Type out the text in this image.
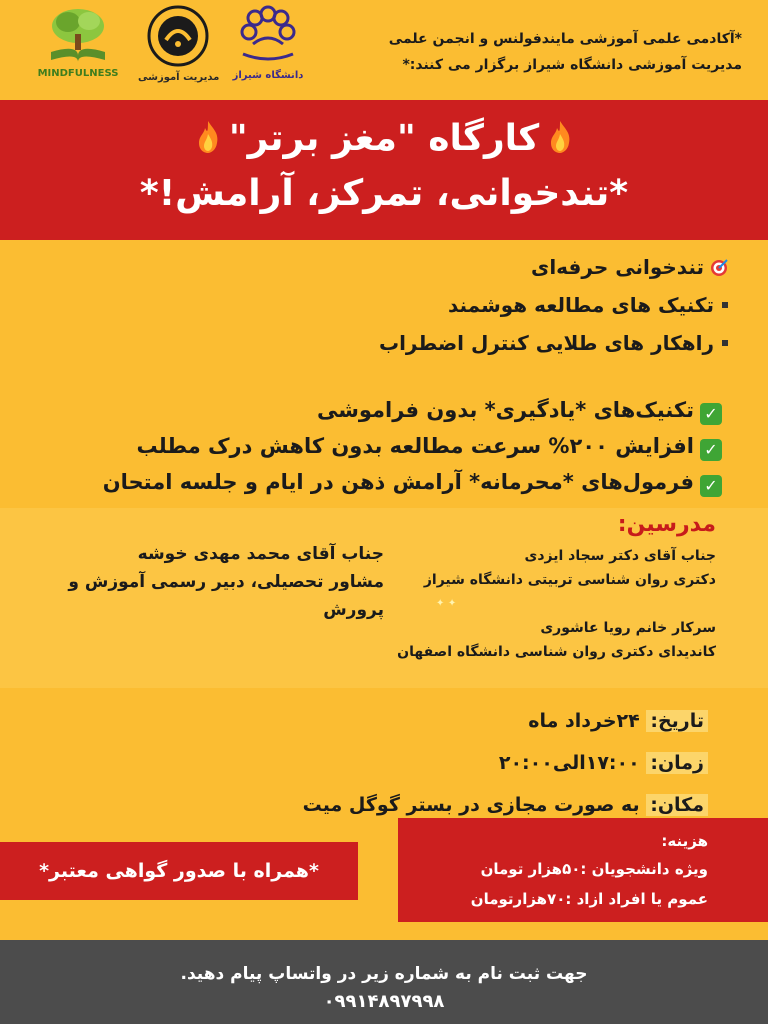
MINDFULNESS	مدیریت آموزشی	دانشگاه شیراز
*آکادمی علمی آموزشی مایندفولنس و انجمن علمی
مدیریت آموزشی دانشگاه شیراز برگزار می کنند:*
کارگاه "مغز برتر"
*تندخوانی، تمرکز، آرامش!*
تندخوانی حرفه‌ای
تکنیک های مطالعه هوشمند
راهکار های طلایی کنترل اضطراب
✓تکنیک‌های *یادگیری* بدون فراموشی
✓افزایش ۲۰۰% سرعت مطالعه بدون کاهش درک مطلب
✓فرمول‌های *محرمانه* آرامش ذهن در ایام و جلسه امتحان
مدرسین:
جناب آقای دکتر سجاد ایزدی
دکتری روان شناسی تربیتی دانشگاه شیراز
✦ ✦
سرکار خانم رویا عاشوری
کاندیدای دکتری روان شناسی دانشگاه اصفهان
جناب آقای محمد مهدی خوشه
مشاور تحصیلی، دبیر رسمی آموزش و پرورش
تاریخ: ۲۴خرداد ماه
زمان: ۱۷:۰۰الی۲۰:۰۰
مکان: به صورت مجازی در بستر گوگل میت
هزینه:
ویژه دانشجویان :۵۰هزار تومان
عموم یا افراد ازاد :۷۰هزارتومان
*همراه با صدور گواهی معتبر*
جهت ثبت نام به شماره زیر در واتساپ پیام دهید.
۰۹۹۱۴۸۹۷۹۹۸
